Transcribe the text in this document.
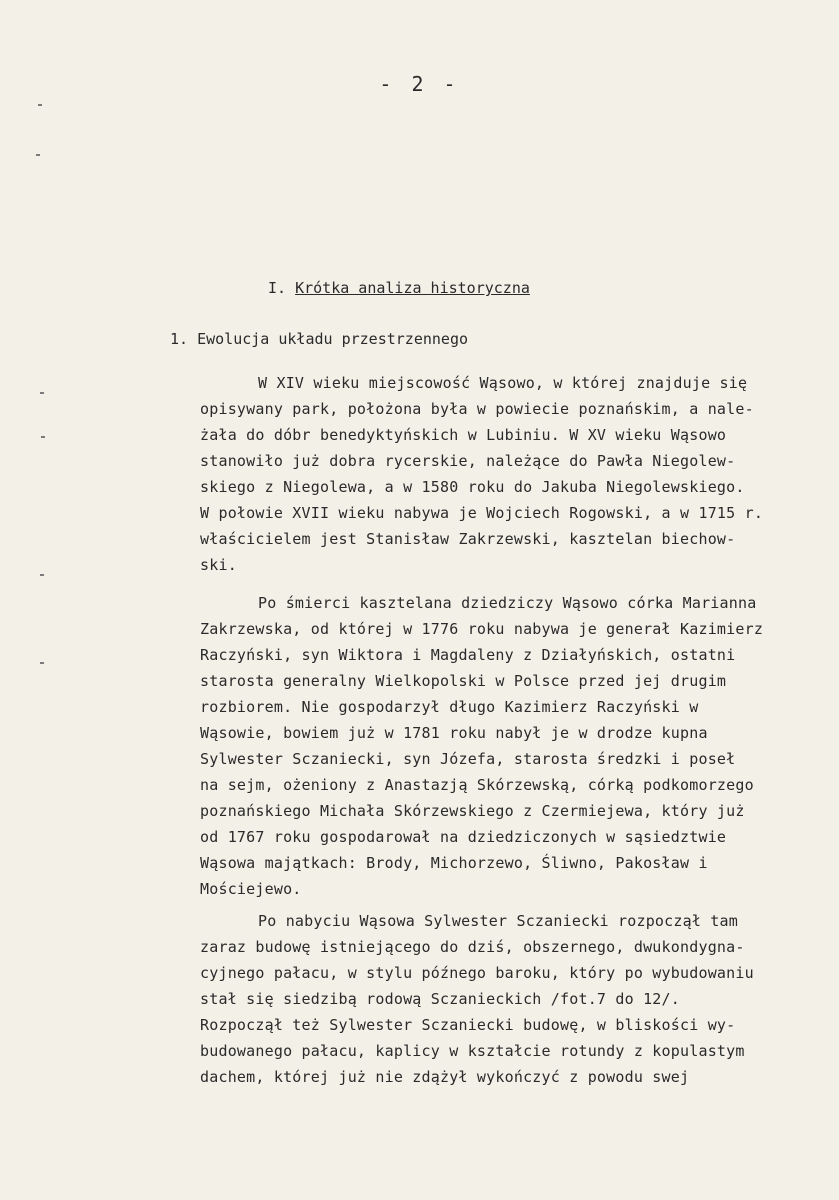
- 2 -
I. Krótka analiza historyczna
1. Ewolucja układu przestrzennego
W XIV wieku miejscowość Wąsowo, w której znajduje się
opisywany park, położona była w powiecie poznańskim, a nale-
żała do dóbr benedyktyńskich w Lubiniu. W XV wieku Wąsowo
stanowiło już dobra rycerskie, należące do Pawła Niegolew-
skiego z Niegolewa, a w 1580 roku do Jakuba Niegolewskiego.
W połowie XVII wieku nabywa je Wojciech Rogowski, a w 1715 r.
właścicielem jest Stanisław Zakrzewski, kasztelan biechow-
ski.
Po śmierci kasztelana dziedziczy Wąsowo córka Marianna
Zakrzewska, od której w 1776 roku nabywa je generał Kazimierz
Raczyński, syn Wiktora i Magdaleny z Działyńskich, ostatni
starosta generalny Wielkopolski w Polsce przed jej drugim
rozbiorem. Nie gospodarzył długo Kazimierz Raczyński w
Wąsowie, bowiem już w 1781 roku nabył je w drodze kupna
Sylwester Sczaniecki, syn Józefa, starosta średzki i poseł
na sejm, ożeniony z Anastazją Skórzewską, córką podkomorzego
poznańskiego Michała Skórzewskiego z Czermiejewa, który już
od 1767 roku gospodarował na dziedziczonych w sąsiedztwie
Wąsowa majątkach: Brody, Michorzewo, Śliwno, Pakosław i
Mościejewo.
Po nabyciu Wąsowa Sylwester Sczaniecki rozpoczął tam
zaraz budowę istniejącego do dziś, obszernego, dwukondygna-
cyjnego pałacu, w stylu późnego baroku, który po wybudowaniu
stał się siedzibą rodową Sczanieckich /fot.7 do 12/.
Rozpoczął też Sylwester Sczaniecki budowę, w bliskości wy-
budowanego pałacu, kaplicy w kształcie rotundy z kopulastym
dachem, której już nie zdążył wykończyć z powodu swej
